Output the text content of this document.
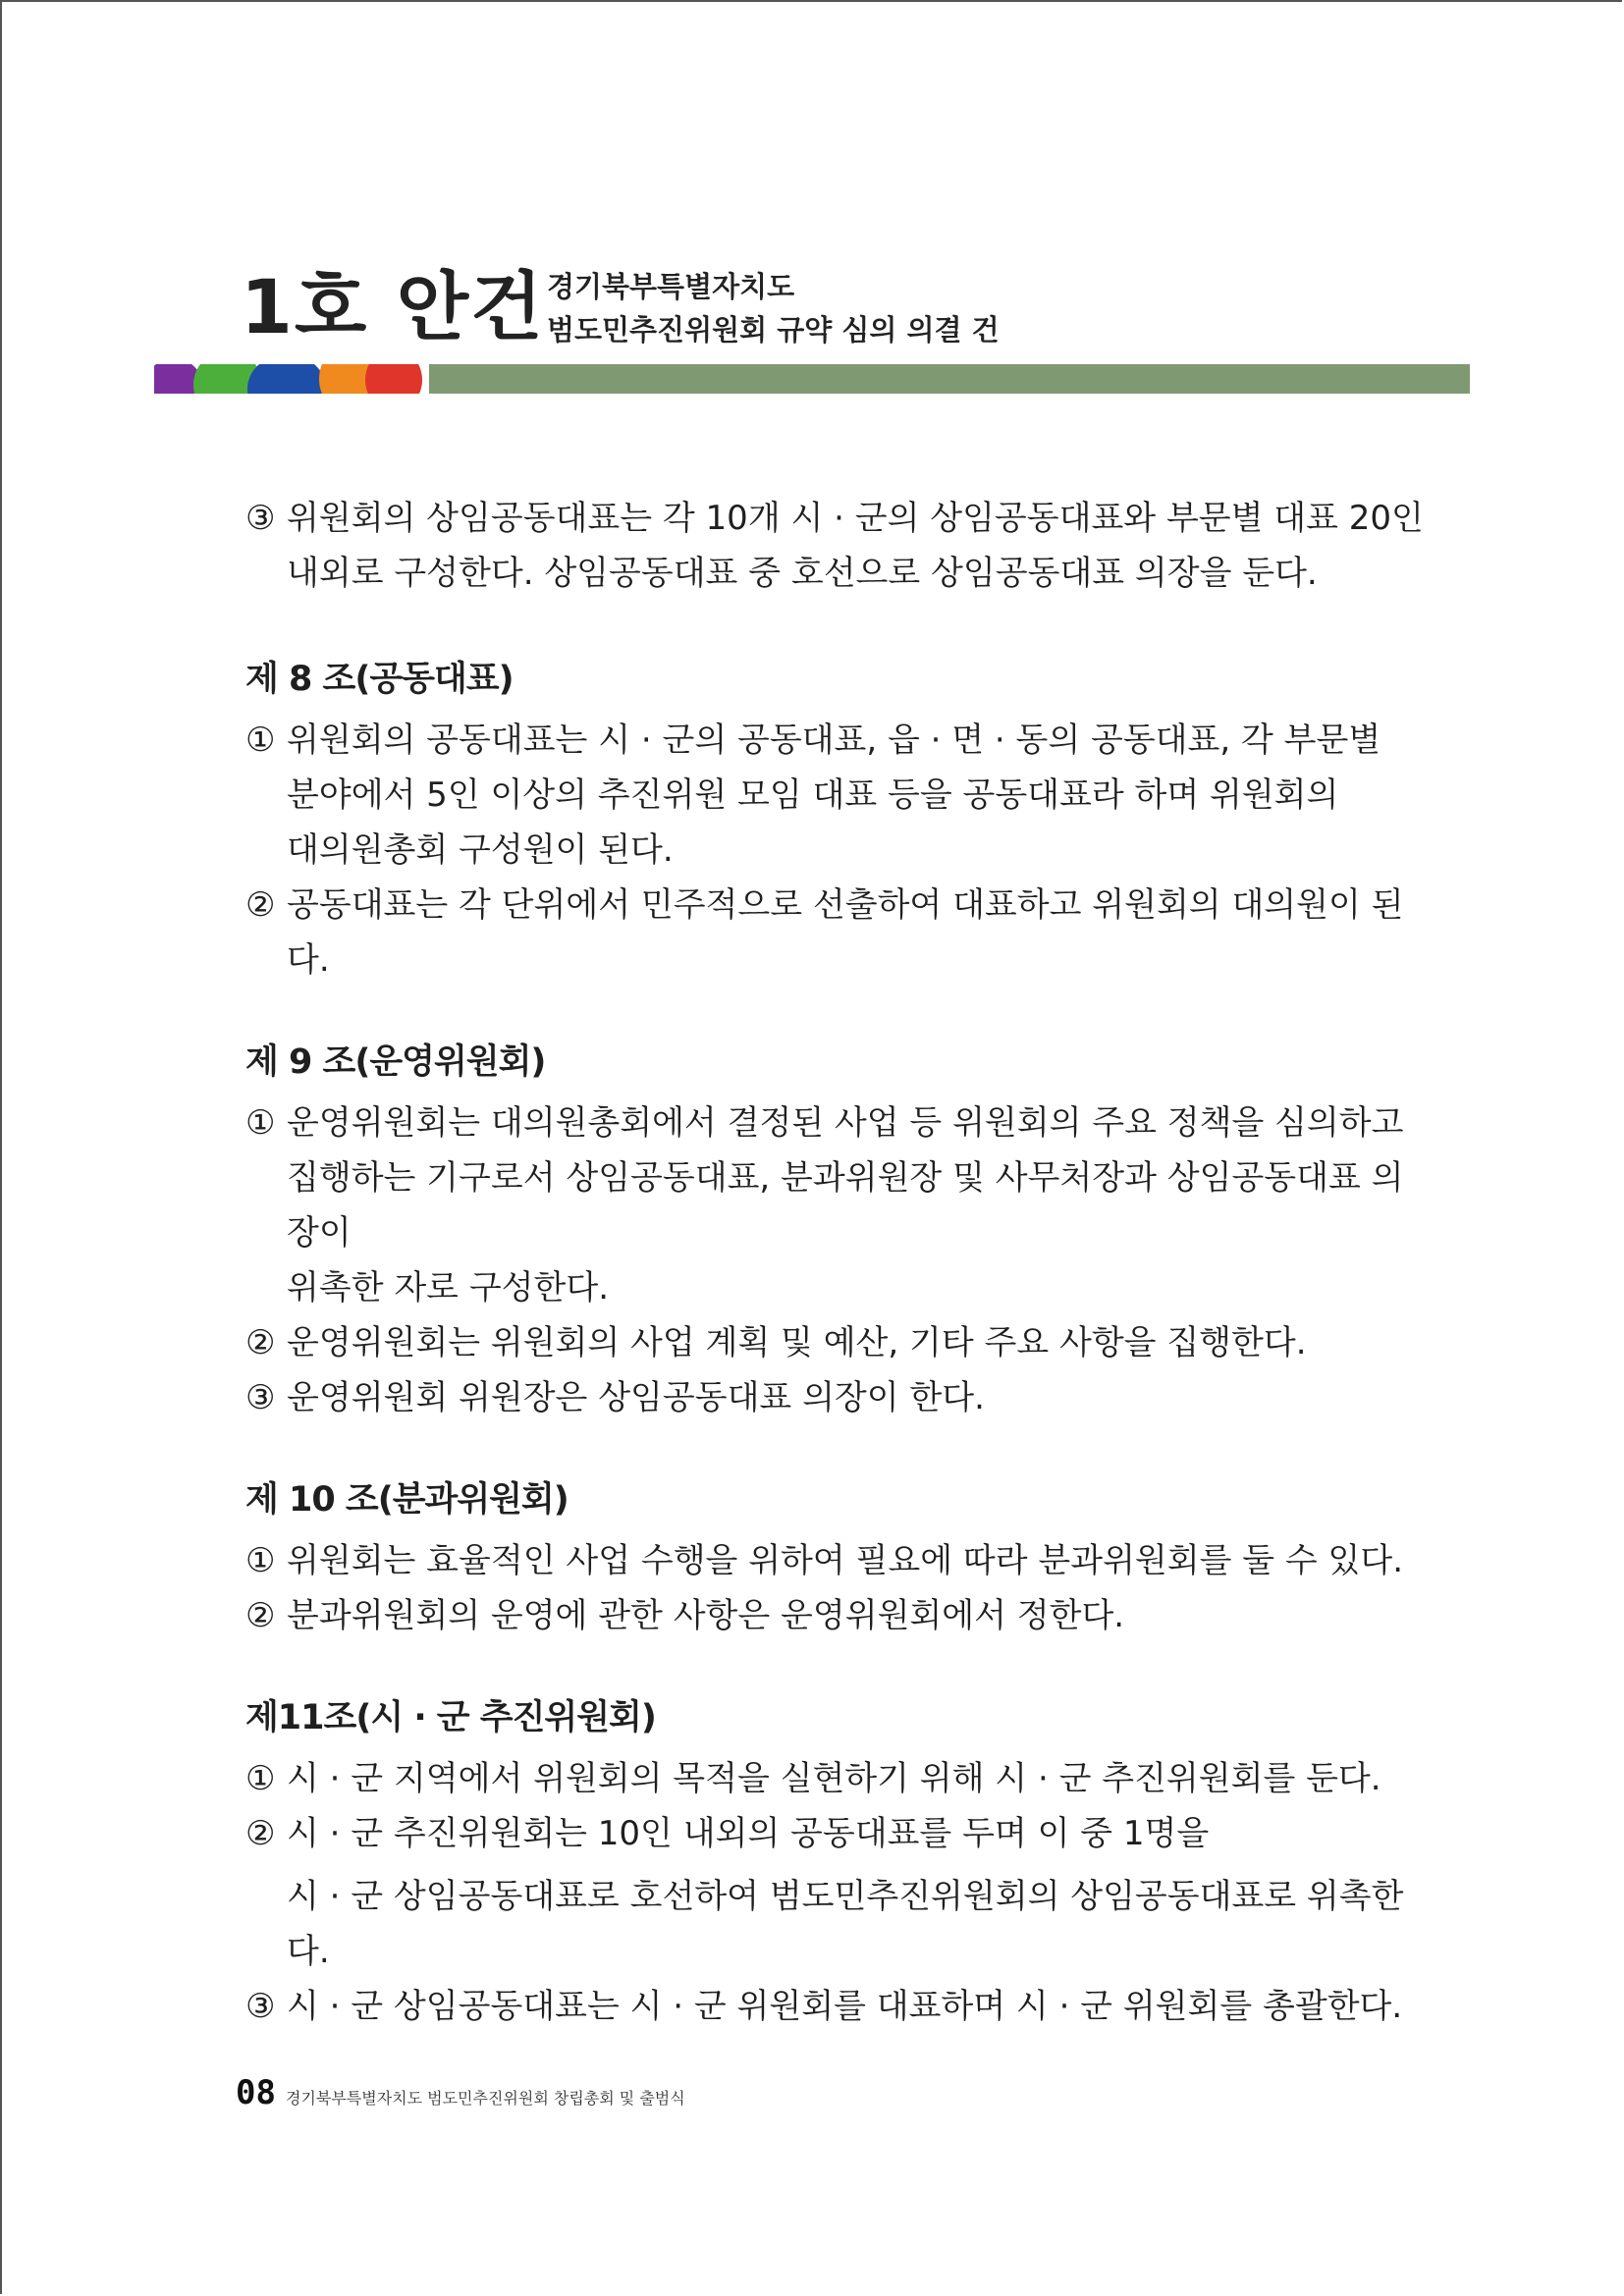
1호 안건 경기북부특별자치도
범도민추진위원회 규약 심의 의결 건
③ 위원회의 상임공동대표는 각 10개 시 · 군의 상임공동대표와 부문별 대표 20인
내외로 구성한다. 상임공동대표 중 호선으로 상임공동대표 의장을 둔다.
제 8 조(공동대표)
① 위원회의 공동대표는 시 · 군의 공동대표, 읍 · 면 · 동의 공동대표, 각 부문별
분야에서 5인 이상의 추진위원 모임 대표 등을 공동대표라 하며 위원회의
대의원총회 구성원이 된다.
② 공동대표는 각 단위에서 민주적으로 선출하여 대표하고 위원회의 대의원이 된다.
제 9 조(운영위원회)
① 운영위원회는 대의원총회에서 결정된 사업 등 위원회의 주요 정책을 심의하고
집행하는 기구로서 상임공동대표, 분과위원장 및 사무처장과 상임공동대표 의장이
위촉한 자로 구성한다.
② 운영위원회는 위원회의 사업 계획 및 예산, 기타 주요 사항을 집행한다.
③ 운영위원회 위원장은 상임공동대표 의장이 한다.
제 10 조(분과위원회)
① 위원회는 효율적인 사업 수행을 위하여 필요에 따라 분과위원회를 둘 수 있다.
② 분과위원회의 운영에 관한 사항은 운영위원회에서 정한다.
제11조(시 · 군 추진위원회)
① 시 · 군 지역에서 위원회의 목적을 실현하기 위해 시 · 군 추진위원회를 둔다.
② 시 · 군 추진위원회는 10인 내외의 공동대표를 두며 이 중 1명을
시 · 군 상임공동대표로 호선하여 범도민추진위원회의 상임공동대표로 위촉한다.
③ 시 · 군 상임공동대표는 시 · 군 위원회를 대표하며 시 · 군 위원회를 총괄한다.
08 경기북부특별자치도 범도민추진위원회 창립총회 및 출범식
